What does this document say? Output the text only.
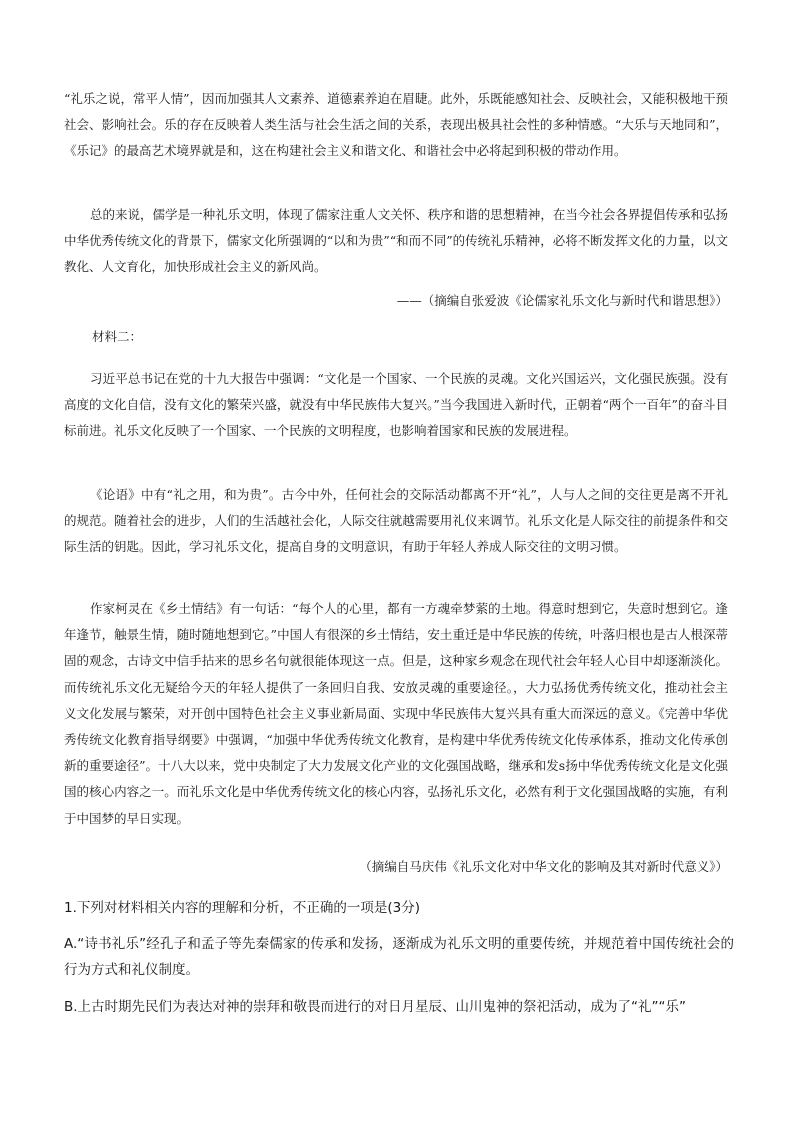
“礼乐之说，常平人情”，因而加强其人文素养、道德素养迫在眉睫。此外，乐既能感知社会、反映社会，又能积极地干预社会、影响社会。乐的存在反映着人类生活与社会生活之间的关系，表现出极具社会性的多种情感。“大乐与天地同和”，《乐记》的最高艺术境界就是和，这在构建社会主义和谐文化、和谐社会中必将起到积极的带动作用。

总的来说，儒学是一种礼乐文明，体现了儒家注重人文关怀、秩序和谐的思想精神，在当今社会各界提倡传承和弘扬中华优秀传统文化的背景下，儒家文化所强调的“以和为贵”“和而不同”的传统礼乐精神，必将不断发挥文化的力量，以文教化、人文育化，加快形成社会主义的新风尚。

——（摘编自张爱波《论儒家礼乐文化与新时代和谐思想》）

材料二：

习近平总书记在党的十九大报告中强调：“文化是一个国家、一个民族的灵魂。文化兴国运兴，文化强民族强。没有高度的文化自信，没有文化的繁荣兴盛，就没有中华民族伟大复兴。”当今我国进入新时代，正朝着“两个一百年”的奋斗目标前进。礼乐文化反映了一个国家、一个民族的文明程度，也影响着国家和民族的发展进程。

《论语》中有“礼之用，和为贵”。古今中外，任何社会的交际活动都离不开“礼”，人与人之间的交往更是离不开礼的规范。随着社会的进步，人们的生活越社会化，人际交往就越需要用礼仪来调节。礼乐文化是人际交往的前提条件和交际生活的钥匙。因此，学习礼乐文化，提高自身的文明意识，有助于年轻人养成人际交往的文明习惯。

作家柯灵在《乡土情结》有一句话：“每个人的心里，都有一方魂牵梦萦的土地。得意时想到它，失意时想到它。逢年逢节，触景生情，随时随地想到它。”中国人有很深的乡土情结，安土重迁是中华民族的传统，叶落归根也是古人根深蒂固的观念，古诗文中信手拈来的思乡名句就很能体现这一点。但是，这种家乡观念在现代社会年轻人心目中却逐渐淡化。而传统礼乐文化无疑给今天的年轻人提供了一条回归自我、安放灵魂的重要途径。，大力弘扬优秀传统文化，推动社会主义文化发展与繁荣，对开创中国特色社会主义事业新局面、实现中华民族伟大复兴具有重大而深远的意义。《完善中华优秀传统文化教育指导纲要》中强调，“加强中华优秀传统文化教育，是构建中华优秀传统文化传承体系，推动文化传承创新的重要途径”。十八大以来，党中央制定了大力发展文化产业的文化强国战略，继承和发s扬中华优秀传统文化是文化强国的核心内容之一。而礼乐文化是中华优秀传统文化的核心内容，弘扬礼乐文化，必然有利于文化强国战略的实施，有利于中国梦的早日实现。

（摘编自马庆伟《礼乐文化对中华文化的影响及其对新时代意义》）

1.下列对材料相关内容的理解和分析，不正确的一项是(3分)

A.“诗书礼乐”经孔子和孟子等先秦儒家的传承和发扬，逐渐成为礼乐文明的重要传统，并规范着中国传统社会的行为方式和礼仪制度。

B.上古时期先民们为表达对神的崇拜和敬畏而进行的对日月星辰、山川鬼神的祭祀活动，成为了“礼”“乐”
